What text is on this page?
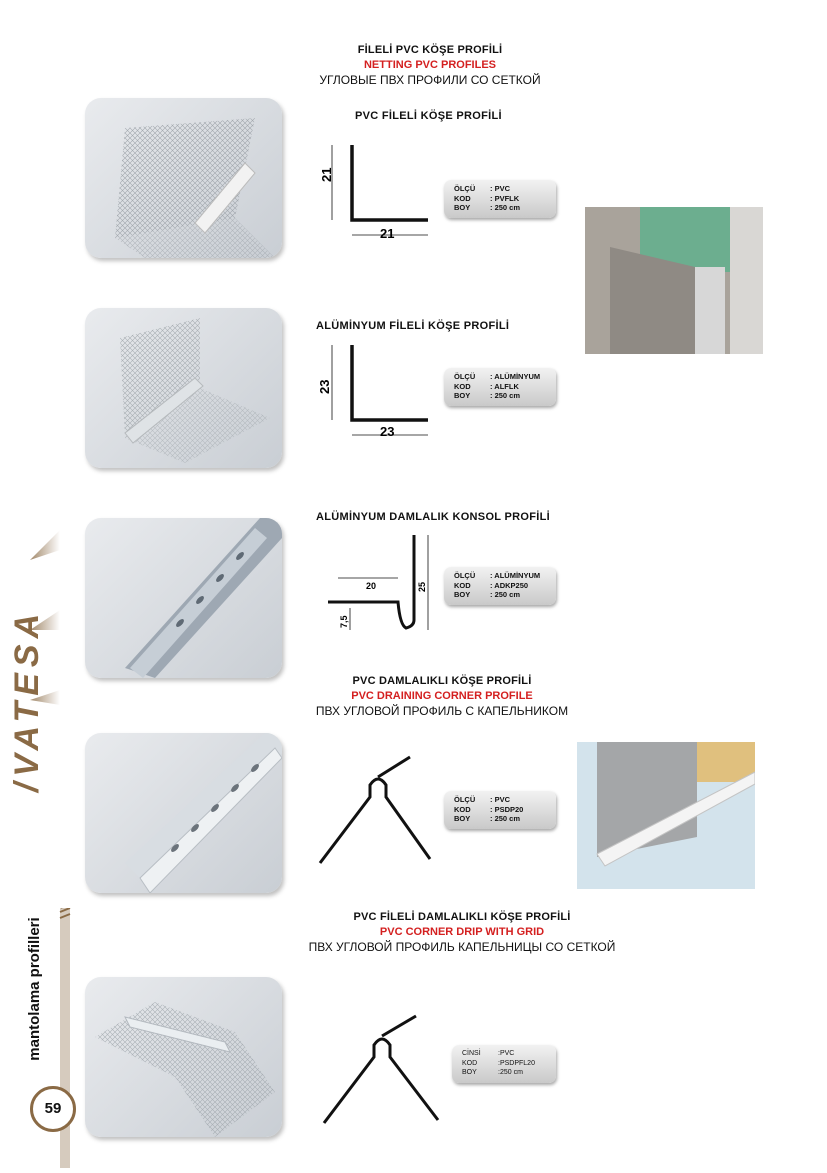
/VATESA
mantolama profilleri
59
FİLELİ PVC KÖŞE PROFİLİ
NETTING PVC PROFILES
УГЛОВЫЕ ПВХ ПРОФИЛИ СО СЕТКОЙ
PVC FİLELİ KÖŞE PROFİLİ
21
21
ÖLÇÜ	: PVC
KOD	: PVFLK
BOY	: 250 cm
ALÜMİNYUM FİLELİ KÖŞE PROFİLİ
23
23
ÖLÇÜ	: ALÜMİNYUM
KOD	: ALFLK
BOY	: 250 cm
ALÜMİNYUM DAMLALIK KONSOL PROFİLİ
20	25
7,5
ÖLÇÜ	: ALÜMİNYUM
KOD	: ADKP250
BOY	: 250 cm
PVC DAMLALIKLI KÖŞE PROFİLİ
PVC DRAINING CORNER PROFILE
ПВХ УГЛОВОЙ ПРОФИЛЬ С КАПЕЛЬНИКОМ
ÖLÇÜ	: PVC
KOD	: PSDP20
BOY	: 250 cm
PVC FİLELİ DAMLALIKLI KÖŞE PROFİLİ
PVC CORNER DRIP WITH GRID
ПВХ УГЛОВОЙ ПРОФИЛЬ КАПЕЛЬНИЦЫ СО СЕТКОЙ
CİNSİ	:PVC
KOD	:PSDPFL20
BOY	:250 cm
